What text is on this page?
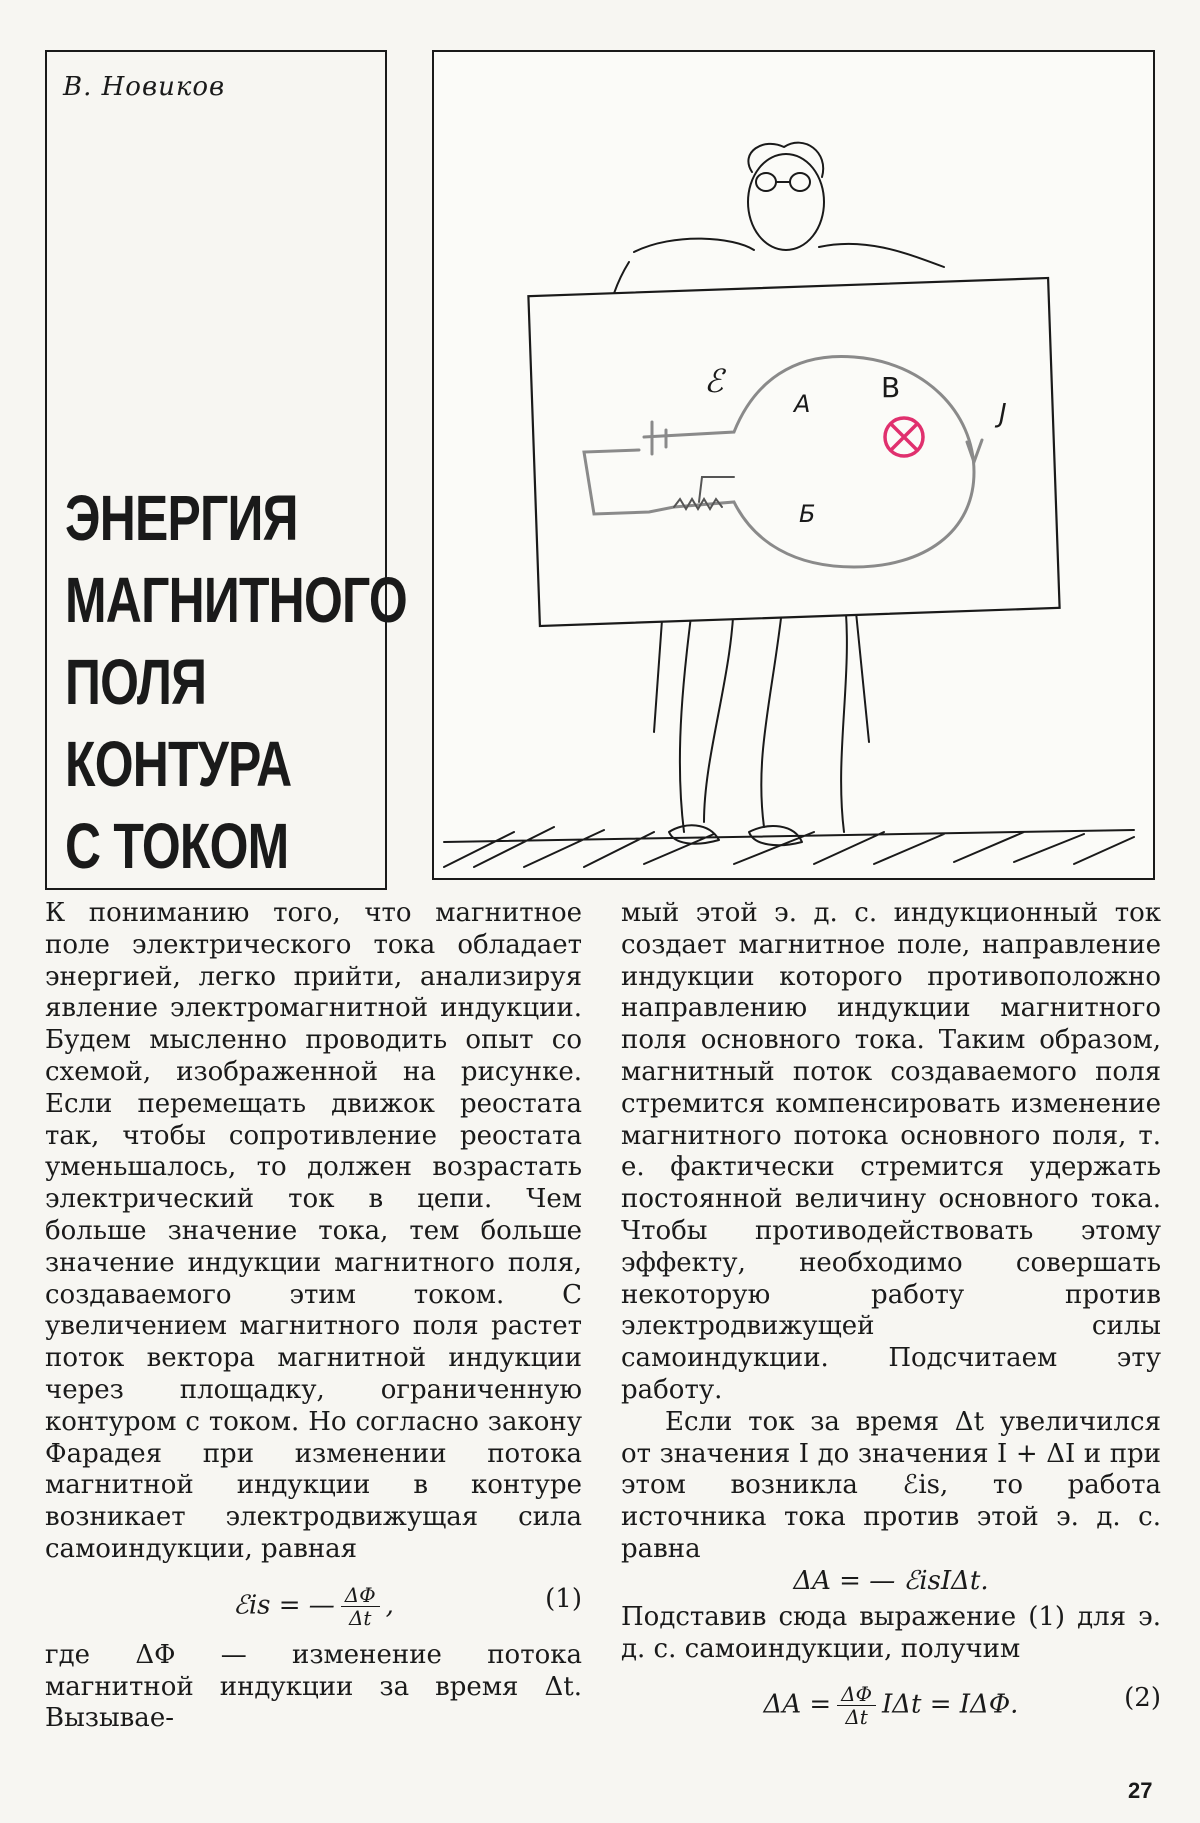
В. Новиков
ЭНЕРГИЯ
МАГНИТНОГО
ПОЛЯ
КОНТУРА
С ТОКОМ
ℰ
A	B
Ј
Б

К пониманию того, что магнитное поле электрического тока обладает энергией, легко прийти, анализируя явление электромагнитной индукции. Будем мысленно проводить опыт со схемой, изображенной на рисунке. Если перемещать движок реостата так, чтобы сопротивление реостата уменьшалось, то должен возрастать электрический ток в цепи. Чем больше значение тока, тем больше значение индукции магнитного поля, создаваемого этим током. С увеличением магнитного поля растет поток вектора магнитной индукции через площадку, ограниченную контуром с током. Но согласно закону Фарадея при изменении потока магнитной индукции в контуре возникает электродвижущая сила самоиндукции, равная

ℰis = — $\frac{\Delta\Phi}{\Delta t}$ ,	(1)

где ΔΦ — изменение потока магнитной индукции за время Δt. Вызывае-

мый этой э. д. с. индукционный ток создает магнитное поле, направление индукции которого противоположно направлению индукции магнитного поля основного тока. Таким образом, магнитный поток создаваемого поля стремится компенсировать изменение магнитного потока основного поля, т. е. фактически стремится удержать постоянной величину основного тока. Чтобы противодействовать этому эффекту, необходимо совершать некоторую работу против электродвижущей силы самоиндукции. Подсчитаем эту работу.

Если ток за время Δt увеличился от значения I до значения I + ΔI и при этом возникла ℰis, то работа источника тока против этой э. д. с. равна

ΔA = — ℰisIΔt.

Подставив сюда выражение (1) для э. д. с. самоиндукции, получим

$\Delta A = \frac{\Delta\Phi}{\Delta t}$ IΔt = IΔΦ.	(2)
27
